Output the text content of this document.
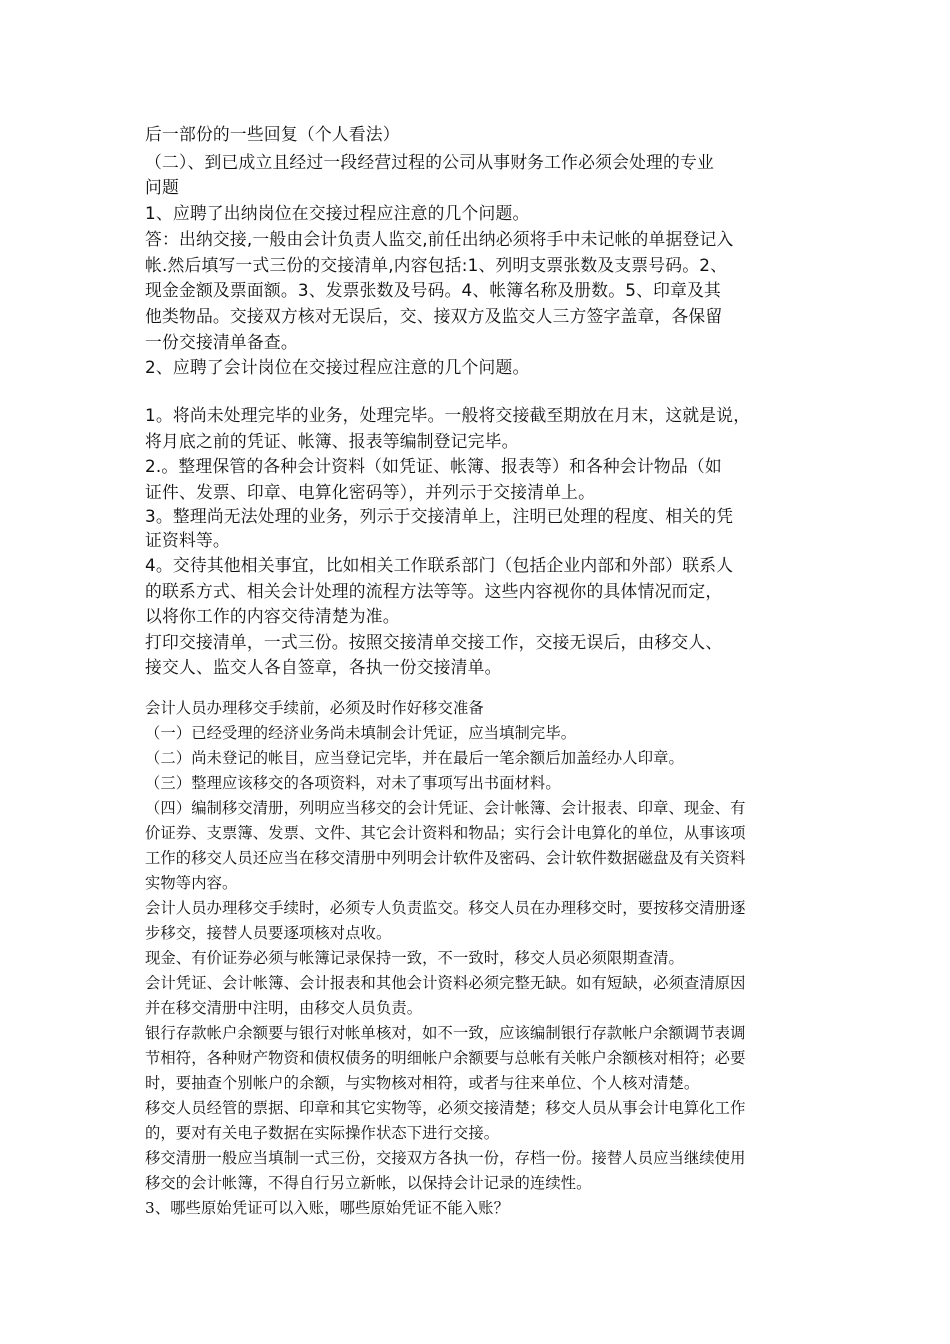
后一部份的一些回复（个人看法）

（二）、到已成立且经过一段经营过程的公司从事财务工作必须会处理的专业

问题

1、应聘了出纳岗位在交接过程应注意的几个问题。

答：出纳交接,一般由会计负责人监交,前任出纳必须将手中未记帐的单据登记入

帐.然后填写一式三份的交接清单,内容包括:1、列明支票张数及支票号码。2、

现金金额及票面额。3、发票张数及号码。4、帐簿名称及册数。5、印章及其

他类物品。交接双方核对无误后，交、接双方及监交人三方签字盖章，各保留

一份交接清单备查。

2、应聘了会计岗位在交接过程应注意的几个问题。

1。将尚未处理完毕的业务，处理完毕。一般将交接截至期放在月末，这就是说，

将月底之前的凭证、帐簿、报表等编制登记完毕。

2.。整理保管的各种会计资料（如凭证、帐簿、报表等）和各种会计物品（如

证件、发票、印章、电算化密码等），并列示于交接清单上。

3。整理尚无法处理的业务，列示于交接清单上，注明已处理的程度、相关的凭

证资料等。

4。交待其他相关事宜，比如相关工作联系部门（包括企业内部和外部）联系人

的联系方式、相关会计处理的流程方法等等。这些内容视你的具体情况而定，

以将你工作的内容交待清楚为准。

打印交接清单，一式三份。按照交接清单交接工作，交接无误后，由移交人、

接交人、监交人各自签章，各执一份交接清单。

会计人员办理移交手续前，必须及时作好移交准备

（一）已经受理的经济业务尚未填制会计凭证，应当填制完毕。

（二）尚未登记的帐目，应当登记完毕，并在最后一笔余额后加盖经办人印章。

（三）整理应该移交的各项资料，对未了事项写出书面材料。

（四）编制移交清册，列明应当移交的会计凭证、会计帐簿、会计报表、印章、现金、有

价证券、支票簿、发票、文件、其它会计资料和物品；实行会计电算化的单位，从事该项

工作的移交人员还应当在移交清册中列明会计软件及密码、会计软件数据磁盘及有关资料

实物等内容。

会计人员办理移交手续时，必须专人负责监交。移交人员在办理移交时，要按移交清册逐

步移交，接替人员要逐项核对点收。

现金、有价证券必须与帐簿记录保持一致，不一致时，移交人员必须限期查清。

会计凭证、会计帐簿、会计报表和其他会计资料必须完整无缺。如有短缺，必须查清原因

并在移交清册中注明，由移交人员负责。

银行存款帐户余额要与银行对帐单核对，如不一致，应该编制银行存款帐户余额调节表调

节相符，各种财产物资和债权债务的明细帐户余额要与总帐有关帐户余额核对相符；必要

时，要抽查个别帐户的余额，与实物核对相符，或者与往来单位、个人核对清楚。

移交人员经管的票据、印章和其它实物等，必须交接清楚；移交人员从事会计电算化工作

的，要对有关电子数据在实际操作状态下进行交接。

移交清册一般应当填制一式三份，交接双方各执一份，存档一份。接替人员应当继续使用

移交的会计帐簿，不得自行另立新帐，以保持会计记录的连续性。

3、哪些原始凭证可以入账，哪些原始凭证不能入账？
